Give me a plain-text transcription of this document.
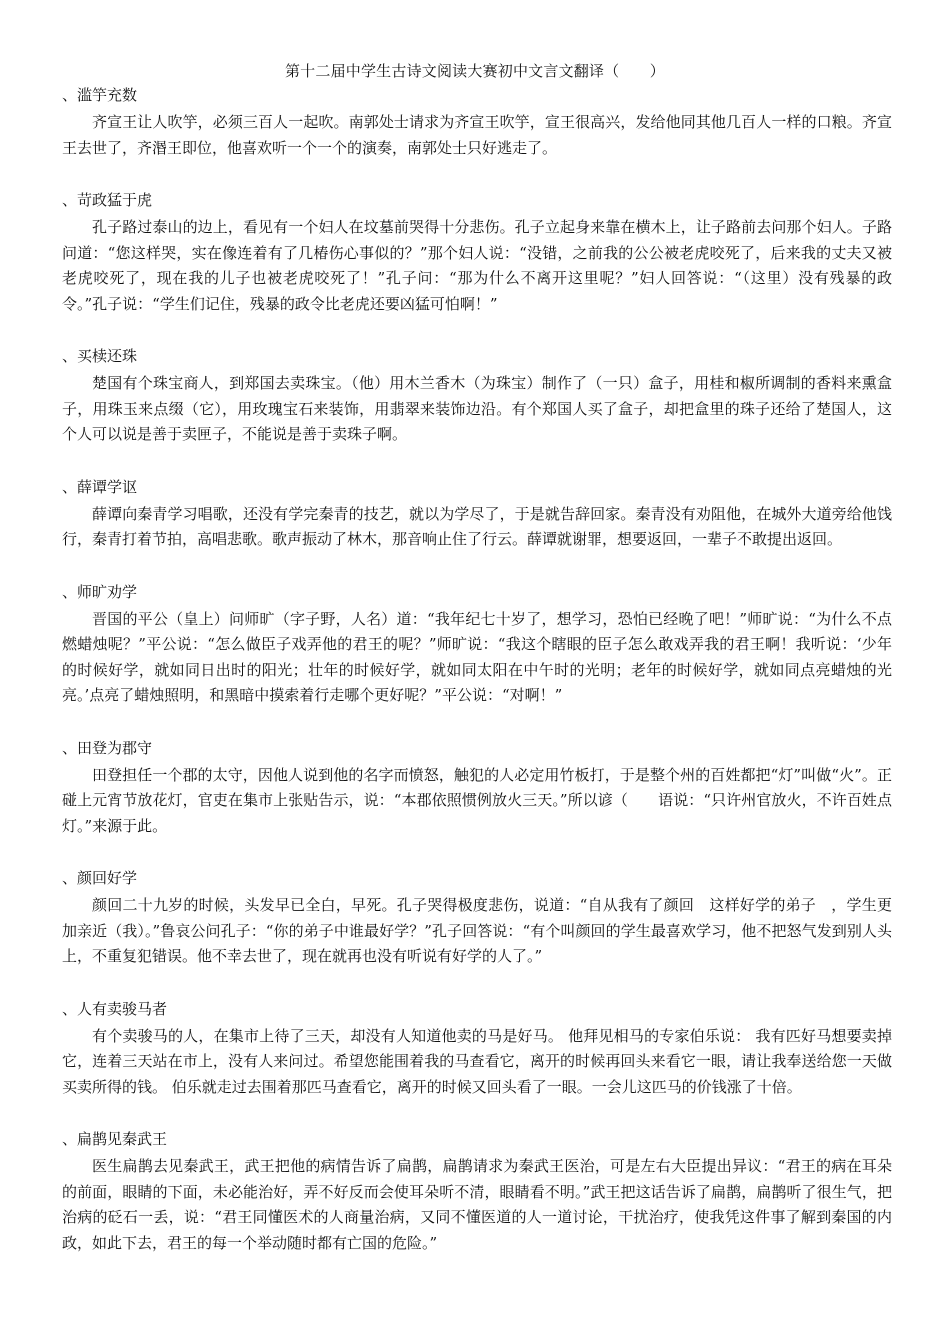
第十二届中学生古诗文阅读大赛初中文言文翻译（　　）
、滥竽充数

齐宣王让人吹竽，必须三百人一起吹。南郭处士请求为齐宣王吹竽，宣王很高兴，发给他同其他几百人一样的口粮。齐宣王去世了，齐湣王即位，他喜欢听一个一个的演奏，南郭处士只好逃走了。

、苛政猛于虎

孔子路过泰山的边上，看见有一个妇人在坟墓前哭得十分悲伤。孔子立起身来靠在横木上，让子路前去问那个妇人。子路问道：“您这样哭，实在像连着有了几椿伤心事似的？”那个妇人说：“没错，之前我的公公被老虎咬死了，后来我的丈夫又被老虎咬死了，现在我的儿子也被老虎咬死了！”孔子问：“那为什么不离开这里呢？”妇人回答说：“（这里）没有残暴的政令。”孔子说：“学生们记住，残暴的政令比老虎还要凶猛可怕啊！”

、买椟还珠

楚国有个珠宝商人，到郑国去卖珠宝。（他）用木兰香木（为珠宝）制作了（一只）盒子，用桂和椒所调制的香料来熏盒子，用珠玉来点缀（它），用玫瑰宝石来装饰，用翡翠来装饰边沿。有个郑国人买了盒子，却把盒里的珠子还给了楚国人，这个人可以说是善于卖匣子，不能说是善于卖珠子啊。

、薛谭学讴

薛谭向秦青学习唱歌，还没有学完秦青的技艺，就以为学尽了，于是就告辞回家。秦青没有劝阻他，在城外大道旁给他饯行，秦青打着节拍，高唱悲歌。歌声振动了林木，那音响止住了行云。薛谭就谢罪，想要返回，一辈子不敢提出返回。

、师旷劝学

晋国的平公（皇上）问师旷（字子野，人名）道：“我年纪七十岁了，想学习，恐怕已经晚了吧！”师旷说：“为什么不点燃蜡烛呢？”平公说：“怎么做臣子戏弄他的君王的呢？”师旷说：“我这个瞎眼的臣子怎么敢戏弄我的君王啊！我听说：‘少年的时候好学，就如同日出时的阳光；壮年的时候好学，就如同太阳在中午时的光明；老年的时候好学，就如同点亮蜡烛的光亮。’点亮了蜡烛照明，和黑暗中摸索着行走哪个更好呢？”平公说：“对啊！”

、田登为郡守

田登担任一个郡的太守，因他人说到他的名字而愤怒，触犯的人必定用竹板打，于是整个州的百姓都把“灯”叫做“火”。正碰上元宵节放花灯，官吏在集市上张贴告示，说：“本郡依照惯例放火三天。”所以谚（　　语说：“只许州官放火，不许百姓点灯。”来源于此。

、颜回好学

颜回二十九岁的时候，头发早已全白，早死。孔子哭得极度悲伤，说道：“自从我有了颜回　这样好学的弟子　，学生更加亲近（我）。”鲁哀公问孔子：“你的弟子中谁最好学？”孔子回答说：“有个叫颜回的学生最喜欢学习，他不把怒气发到别人头上，不重复犯错误。他不幸去世了，现在就再也没有听说有好学的人了。”

、人有卖骏马者

有个卖骏马的人，在集市上待了三天，却没有人知道他卖的马是好马。 他拜见相马的专家伯乐说： 我有匹好马想要卖掉它，连着三天站在市上，没有人来问过。希望您能围着我的马查看它，离开的时候再回头来看它一眼，请让我奉送给您一天做买卖所得的钱。 伯乐就走过去围着那匹马查看它，离开的时候又回头看了一眼。一会儿这匹马的价钱涨了十倍。

、扁鹊见秦武王

医生扁鹊去见秦武王，武王把他的病情告诉了扁鹊，扁鹊请求为秦武王医治，可是左右大臣提出异议：“君王的病在耳朵的前面，眼睛的下面，未必能治好，弄不好反而会使耳朵听不清，眼睛看不明。”武王把这话告诉了扁鹊，扁鹊听了很生气，把治病的砭石一丢，说：“君王同懂医术的人商量治病，又同不懂医道的人一道讨论，干扰治疗，使我凭这件事了解到秦国的内政，如此下去，君王的每一个举动随时都有亡国的危险。”
